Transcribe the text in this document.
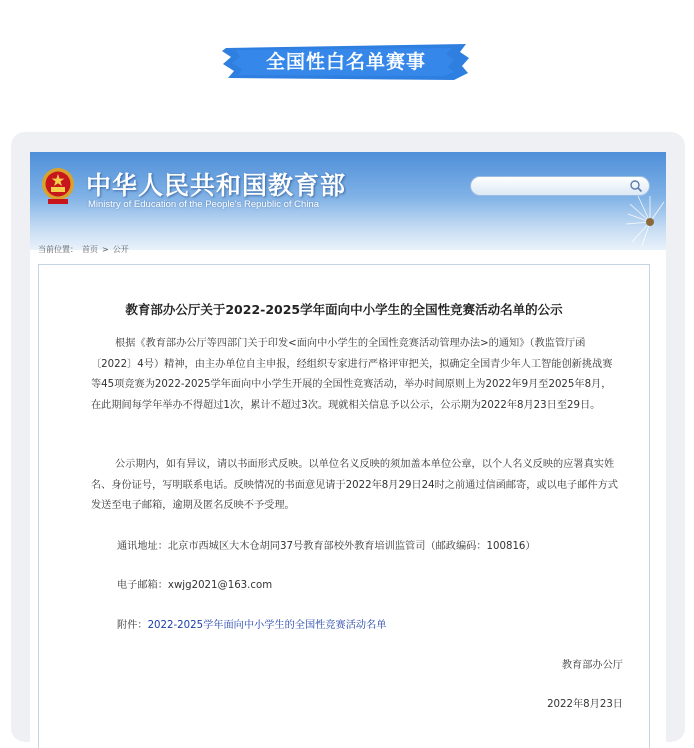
全国性白名单赛事
中华人民共和国教育部
Ministry of Education of the People's Republic of China
当前位置： 首页 > 公开
教育部办公厅关于2022-2025学年面向中小学生的全国性竞赛活动名单的公示
根据《教育部办公厅等四部门关于印发<面向中小学生的全国性竞赛活动管理办法>的通知》（教监管厅函〔2022〕4号）精神，由主办单位自主申报，经组织专家进行严格评审把关，拟确定全国青少年人工智能创新挑战赛等45项竞赛为2022-2025学年面向中小学生开展的全国性竞赛活动，举办时间原则上为2022年9月至2025年8月，在此期间每学年举办不得超过1次，累计不超过3次。现就相关信息予以公示，公示期为2022年8月23日至29日。
公示期内，如有异议，请以书面形式反映。以单位名义反映的须加盖本单位公章，以个人名义反映的应署真实姓名、身份证号，写明联系电话。反映情况的书面意见请于2022年8月29日24时之前通过信函邮寄，或以电子邮件方式发送至电子邮箱，逾期及匿名反映不予受理。
通讯地址：北京市西城区大木仓胡同37号教育部校外教育培训监管司（邮政编码：100816）
电子邮箱：xwjg2021@163.com
附件：2022-2025学年面向中小学生的全国性竞赛活动名单
教育部办公厅
2022年8月23日
